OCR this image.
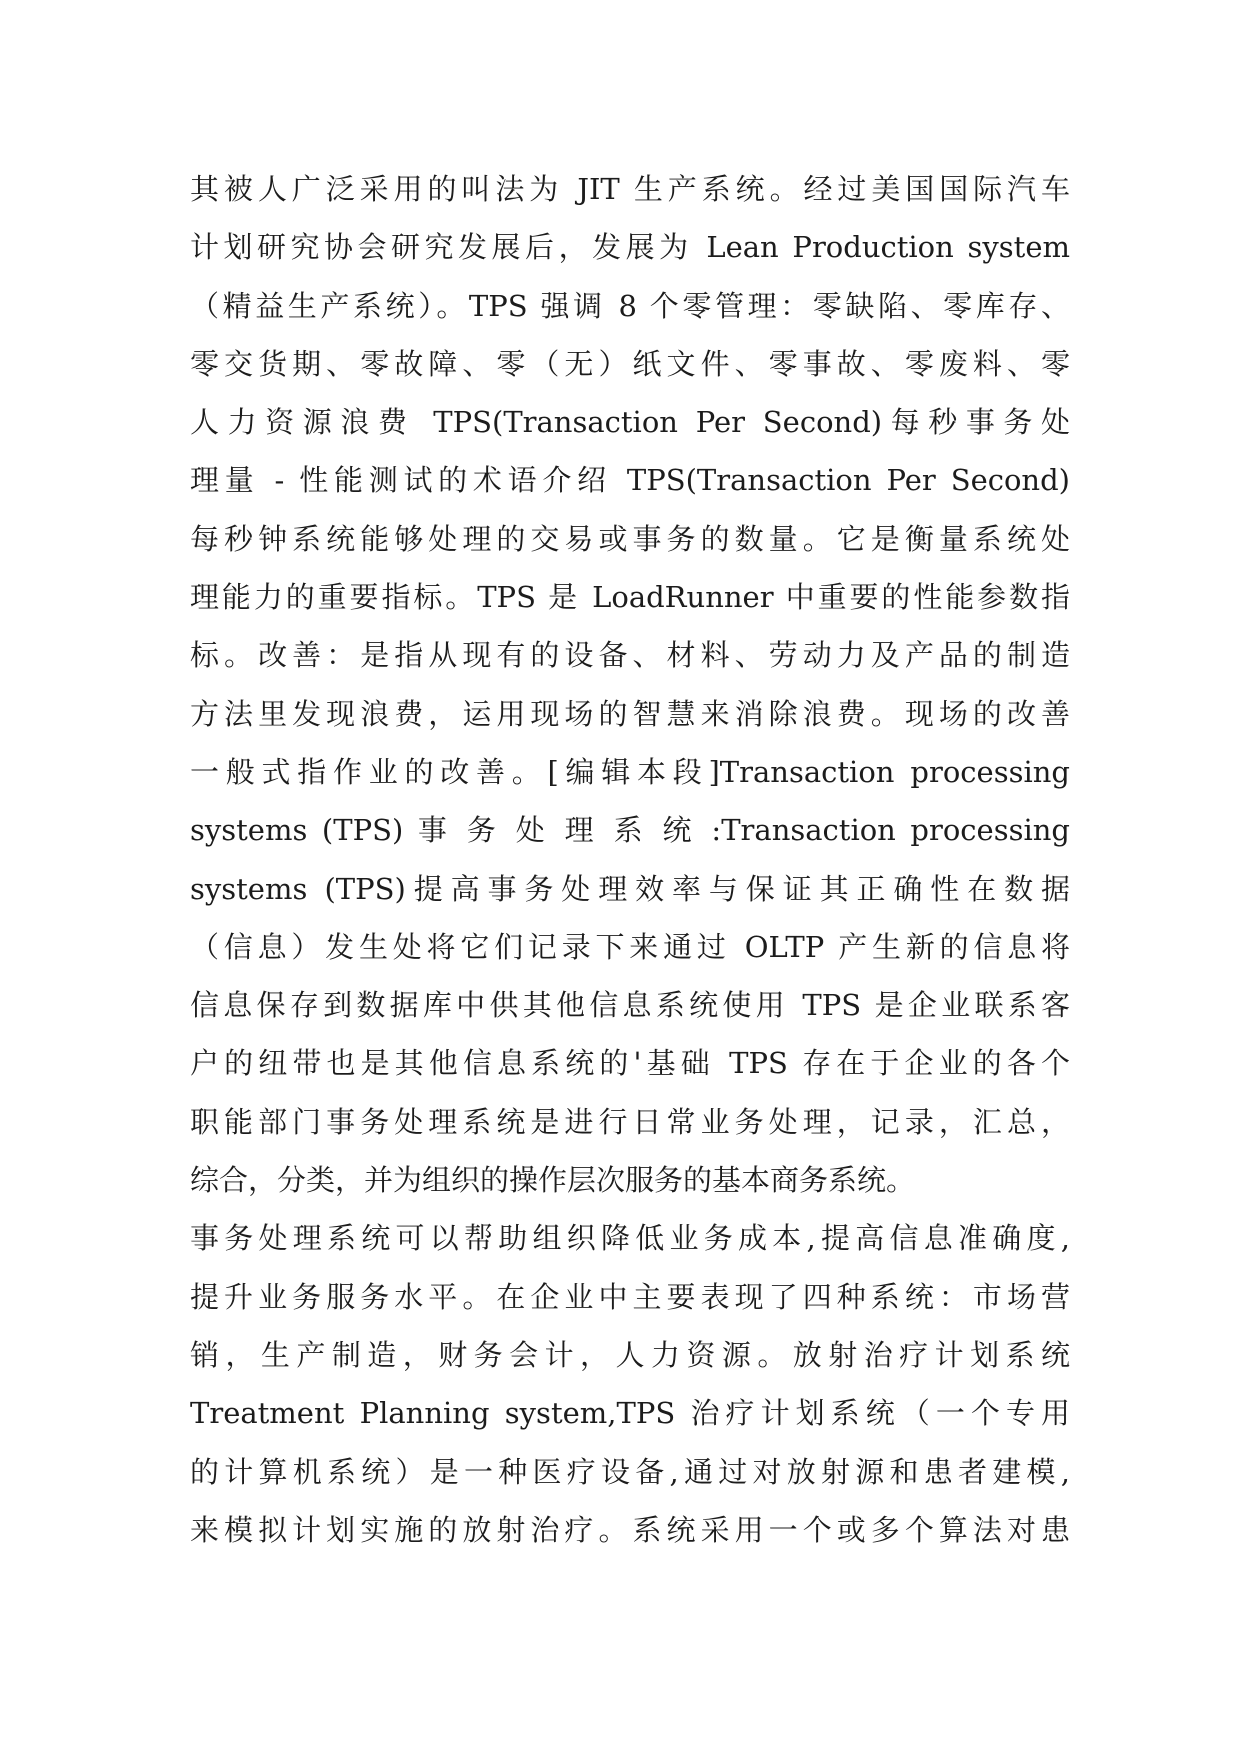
其被人广泛采用的叫法为 JIT 生产系统。经过美国国际汽车
计划研究协会研究发展后，发展为 Lean Production system
（精益生产系统）。TPS 强调 8 个零管理：零缺陷、零库存、
零交货期、零故障、零（无）纸文件、零事故、零废料、零
人力资源浪费 TPS(Transaction Per Second)每秒事务处
理量 - 性能测试的术语介绍 TPS(Transaction Per Second)
每秒钟系统能够处理的交易或事务的数量。它是衡量系统处
理能力的重要指标。TPS 是 LoadRunner 中重要的性能参数指
标。改善：是指从现有的设备、材料、劳动力及产品的制造
方法里发现浪费，运用现场的智慧来消除浪费。现场的改善
一般式指作业的改善。[编辑本段]Transaction processing
systems (TPS) 事 务 处 理 系 统 :Transaction processing
systems (TPS)提高事务处理效率与保证其正确性在数据
（信息）发生处将它们记录下来通过 OLTP 产生新的信息将
信息保存到数据库中供其他信息系统使用 TPS 是企业联系客
户的纽带也是其他信息系统的'基础 TPS 存在于企业的各个
职能部门事务处理系统是进行日常业务处理，记录，汇总，
综合，分类，并为组织的操作层次服务的基本商务系统。
事务处理系统可以帮助组织降低业务成本,提高信息准确度,
提升业务服务水平。在企业中主要表现了四种系统：市场营
销，生产制造，财务会计，人力资源。放射治疗计划系统
Treatment Planning system,TPS 治疗计划系统（一个专用
的计算机系统）是一种医疗设备,通过对放射源和患者建模,
来模拟计划实施的放射治疗。系统采用一个或多个算法对患
